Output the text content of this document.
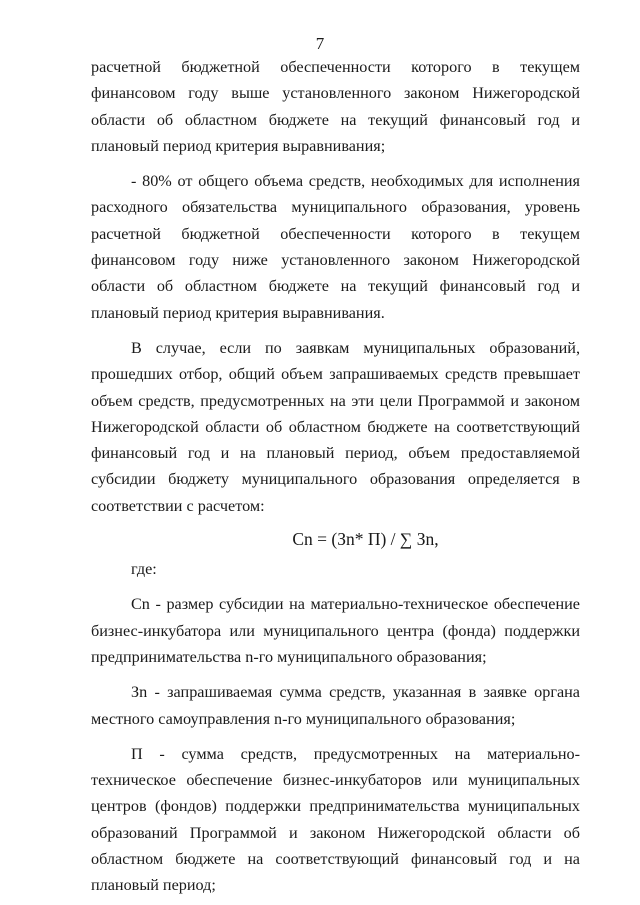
7

расчетной бюджетной обеспеченности которого в текущем финансовом году выше установленного законом Нижегородской области об областном бюджете на текущий финансовый год и плановый период критерия выравнивания;

- 80% от общего объема средств, необходимых для исполнения расходного обязательства муниципального образования, уровень расчетной бюджетной обеспеченности которого в текущем финансовом году ниже установленного законом Нижегородской области об областном бюджете на текущий финансовый год и плановый период критерия выравнивания.

В случае, если по заявкам муниципальных образований, прошедших отбор, общий объем запрашиваемых средств превышает объем средств, предусмотренных на эти цели Программой и законом Нижегородской области об областном бюджете на соответствующий финансовый год и на плановый период, объем предоставляемой субсидии бюджету муниципального образования определяется в соответствии с расчетом:

Сn = (Зn* П) / ∑ Зn,

где:

Сn - размер субсидии на материально-техническое обеспечение бизнес-инкубатора или муниципального центра (фонда) поддержки предпринимательства n-го муниципального образования;

Зn - запрашиваемая сумма средств, указанная в заявке органа местного самоуправления n-го муниципального образования;

П - сумма средств, предусмотренных на материально-техническое обеспечение бизнес-инкубаторов или муниципальных центров (фондов) поддержки предпринимательства муниципальных образований Программой и законом Нижегородской области об областном бюджете на соответствующий финансовый год и на плановый период;
